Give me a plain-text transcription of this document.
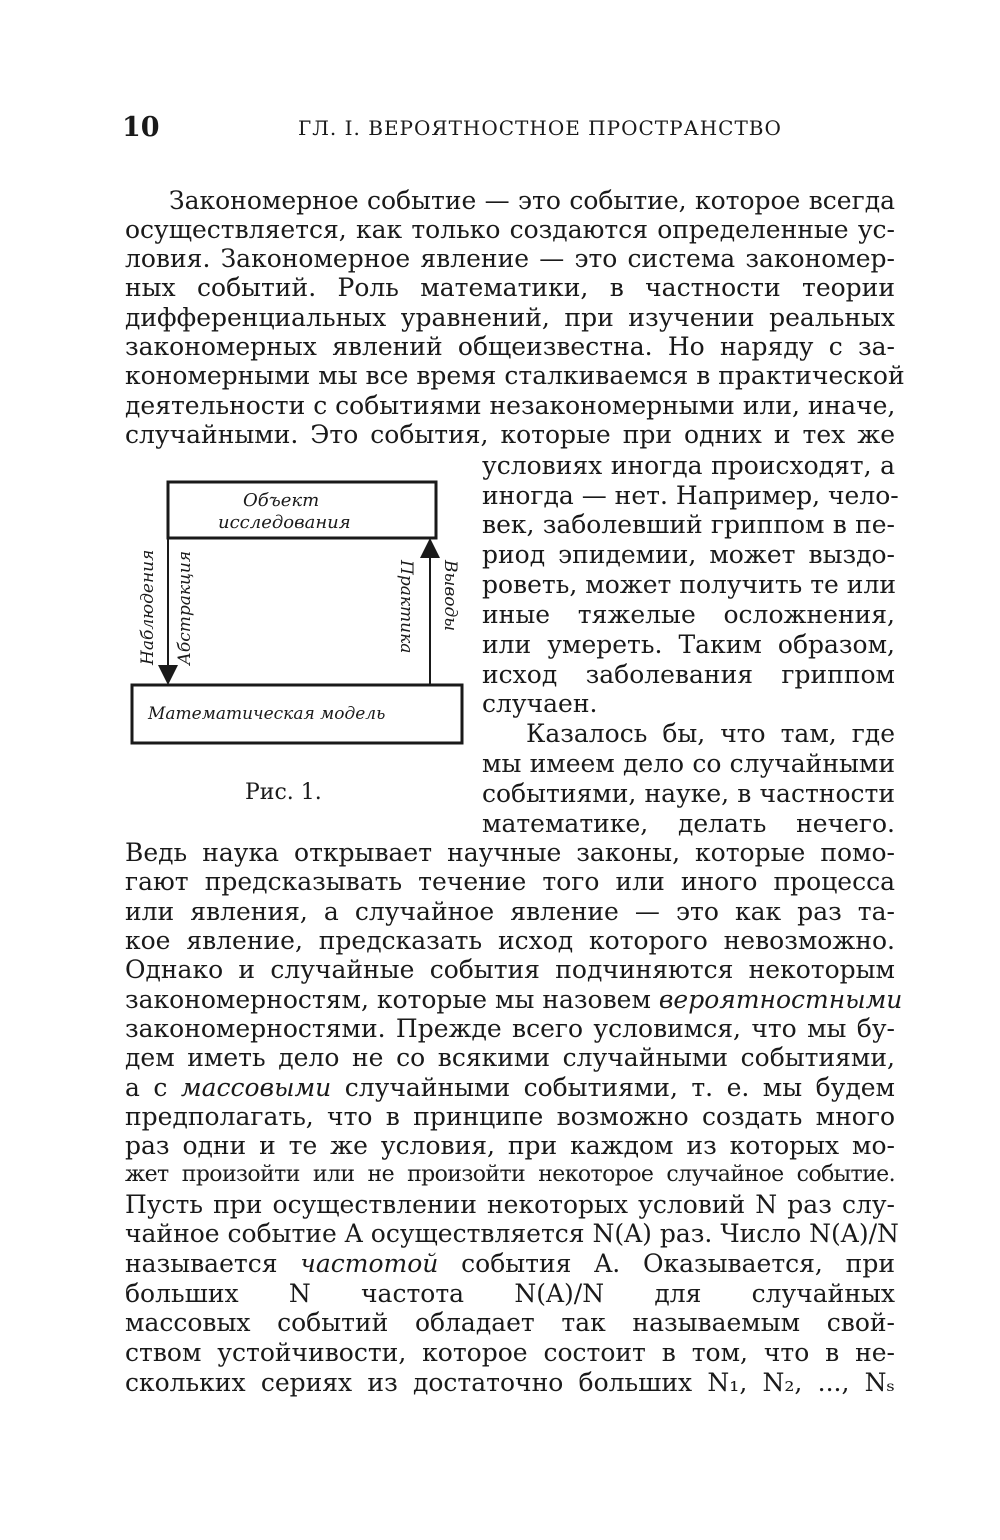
10	ГЛ. I. ВЕРОЯТНОСТНОЕ ПРОСТРАНСТВО
Закономерное событие — это событие, которое всегда
осуществляется, как только создаются определенные ус-
ловия. Закономерное явление — это система закономер-
ных событий. Роль математики, в частности теории
дифференциальных уравнений, при изучении реальных
закономерных явлений общеизвестна. Но наряду с за-
кономерными мы все время сталкиваемся в практической
деятельности с событиями незакономерными или, иначе,
случайными. Это события, которые при одних и тех же
условиях иногда происходят, а
иногда — нет. Например, чело-
век, заболевший гриппом в пе-
риод эпидемии, может выздо-
роветь, может получить те или
иные тяжелые осложнения,
или умереть. Таким образом,
исход заболевания гриппом
случаен.
Казалось бы, что там, где
мы имеем дело со случайными
событиями, науке, в частности
математике, делать нечего.
Объект
исследования
Математическая модель
Наблюдения Абстракция	Практика Выводы
Рис. 1.
Ведь наука открывает научные законы, которые помо-
гают предсказывать течение того или иного процесса
или явления, а случайное явление — это как раз та-
кое явление, предсказать исход которого невозможно.
Однако и случайные события подчиняются некоторым
закономерностям, которые мы назовем вероятностными
закономерностями. Прежде всего условимся, что мы бу-
дем иметь дело не со всякими случайными событиями,
а с массовыми случайными событиями, т. е. мы будем
предполагать, что в принципе возможно создать много
раз одни и те же условия, при каждом из которых мо-
жет произойти или не произойти некоторое случайное событие.
Пусть при осуществлении некоторых условий N раз слу-
чайное событие A осуществляется N(A) раз. Число N(A)/N
называется частотой события A. Оказывается, при
больших N частота N(A)/N для случайных
массовых событий обладает так называемым свой-
ством устойчивости, которое состоит в том, что в не-
скольких сериях из достаточно больших N₁, N₂, ..., Nₛ
